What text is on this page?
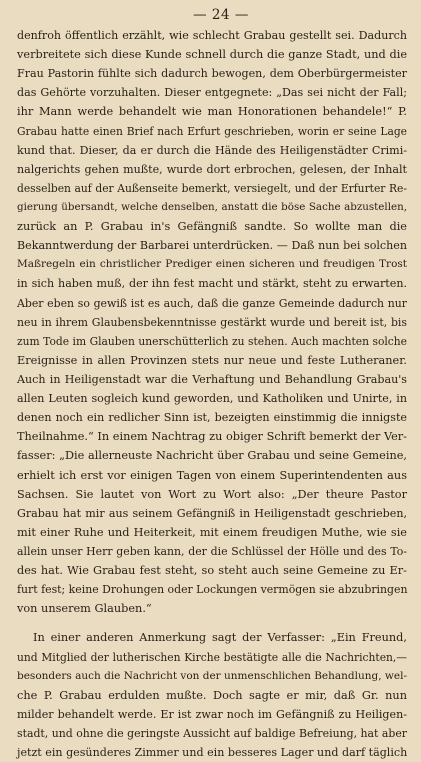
— 24 —
denfroh öffentlich erzählt, wie schlecht Grabau gestellt sei. Dadurch
verbreitete sich diese Kunde schnell durch die ganze Stadt, und die
Frau Pastorin fühlte sich dadurch bewogen, dem Oberbürgermeister
das Gehörte vorzuhalten. Dieser entgegnete: „Das sei nicht der Fall;
ihr Mann werde behandelt wie man Honorationen behandele!“ P.
Grabau hatte einen Brief nach Erfurt geschrieben, worin er seine Lage
kund that. Dieser, da er durch die Hände des Heiligenstädter Crimi-
nalgerichts gehen mußte, wurde dort erbrochen, gelesen, der Inhalt
desselben auf der Außenseite bemerkt, versiegelt, und der Erfurter Re-
gierung übersandt, welche denselben, anstatt die böse Sache abzustellen,
zurück an P. Grabau in's Gefängniß sandte. So wollte man die
Bekanntwerdung der Barbarei unterdrücken. — Daß nun bei solchen
Maßregeln ein christlicher Prediger einen sicheren und freudigen Trost
in sich haben muß, der ihn fest macht und stärkt, steht zu erwarten.
Aber eben so gewiß ist es auch, daß die ganze Gemeinde dadurch nur
neu in ihrem Glaubensbekenntnisse gestärkt wurde und bereit ist, bis
zum Tode im Glauben unerschütterlich zu stehen. Auch machten solche
Ereignisse in allen Provinzen stets nur neue und feste Lutheraner.
Auch in Heiligenstadt war die Verhaftung und Behandlung Grabau's
allen Leuten sogleich kund geworden, und Katholiken und Unirte, in
denen noch ein redlicher Sinn ist, bezeigten einstimmig die innigste
Theilnahme.“ In einem Nachtrag zu obiger Schrift bemerkt der Ver-
fasser: „Die allerneuste Nachricht über Grabau und seine Gemeine,
erhielt ich erst vor einigen Tagen von einem Superintendenten aus
Sachsen. Sie lautet von Wort zu Wort also: „Der theure Pastor
Grabau hat mir aus seinem Gefängniß in Heiligenstadt geschrieben,
mit einer Ruhe und Heiterkeit, mit einem freudigen Muthe, wie sie
allein unser Herr geben kann, der die Schlüssel der Hölle und des To-
des hat. Wie Grabau fest steht, so steht auch seine Gemeine zu Er-
furt fest; keine Drohungen oder Lockungen vermögen sie abzubringen
von unserem Glauben.“
In einer anderen Anmerkung sagt der Verfasser: „Ein Freund,
und Mitglied der lutherischen Kirche bestätigte alle die Nachrichten,—
besonders auch die Nachricht von der unmenschlichen Behandlung, wel-
che P. Grabau erdulden mußte. Doch sagte er mir, daß Gr. nun
milder behandelt werde. Er ist zwar noch im Gefängniß zu Heiligen-
stadt, und ohne die geringste Aussicht auf baldige Befreiung, hat aber
jetzt ein gesünderes Zimmer und ein besseres Lager und darf täglich
